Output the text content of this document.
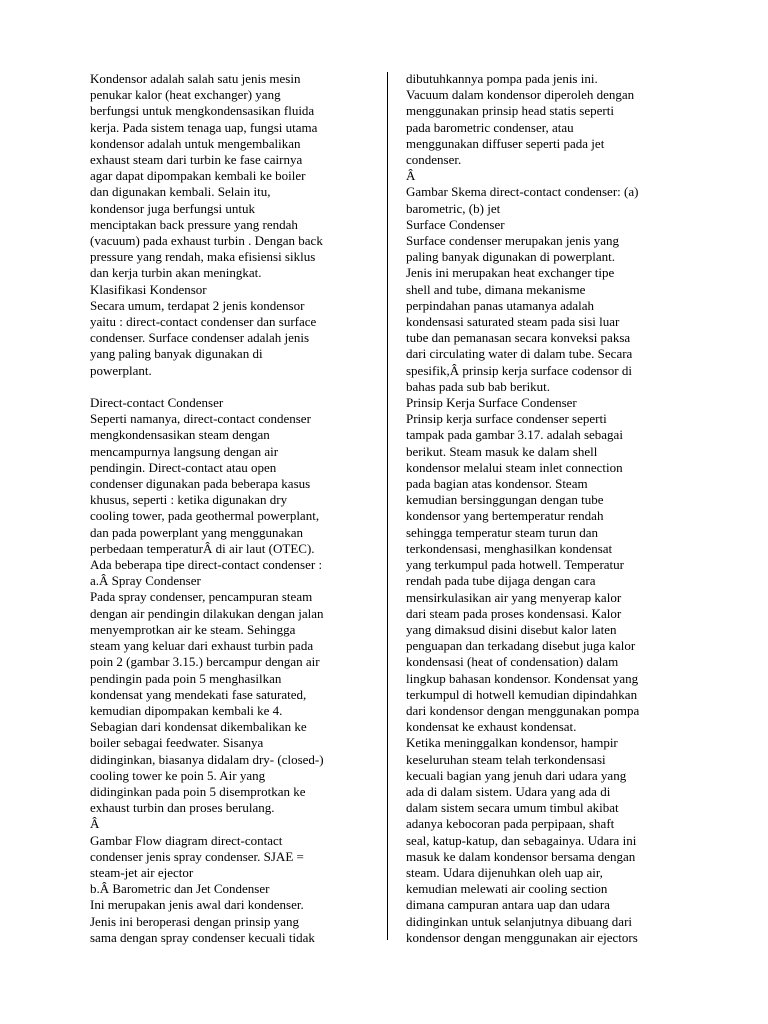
Kondensor adalah salah satu jenis mesin
penukar kalor (heat exchanger) yang
berfungsi untuk mengkondensasikan fluida
kerja. Pada sistem tenaga uap, fungsi utama
kondensor adalah untuk mengembalikan
exhaust steam dari turbin ke fase cairnya
agar dapat dipompakan kembali ke boiler
dan digunakan kembali. Selain itu,
kondensor juga berfungsi untuk
menciptakan back pressure yang rendah
(vacuum) pada exhaust turbin . Dengan back
pressure yang rendah, maka efisiensi siklus
dan kerja turbin akan meningkat.
Klasifikasi Kondensor
Secara umum, terdapat 2 jenis kondensor
yaitu : direct-contact condenser dan surface
condenser. Surface condenser adalah jenis
yang paling banyak digunakan di
powerplant.
Direct-contact Condenser
Seperti namanya, direct-contact condenser
mengkondensasikan steam dengan
mencampurnya langsung dengan air
pendingin. Direct-contact atau open
condenser digunakan pada beberapa kasus
khusus, seperti : ketika digunakan dry
cooling tower, pada geothermal powerplant,
dan pada powerplant yang menggunakan
perbedaan temperaturÂ di air laut (OTEC).
Ada beberapa tipe direct-contact condenser :
a.Â Spray Condenser
Pada spray condenser, pencampuran steam
dengan air pendingin dilakukan dengan jalan
menyemprotkan air ke steam. Sehingga
steam yang keluar dari exhaust turbin pada
poin 2 (gambar 3.15.) bercampur dengan air
pendingin pada poin 5 menghasilkan
kondensat yang mendekati fase saturated,
kemudian dipompakan kembali ke 4.
Sebagian dari kondensat dikembalikan ke
boiler sebagai feedwater. Sisanya
didinginkan, biasanya didalam dry- (closed-)
cooling tower ke poin 5. Air yang
didinginkan pada poin 5 disemprotkan ke
exhaust turbin dan proses berulang.
Â
Gambar Flow diagram direct-contact
condenser jenis spray condenser. SJAE =
steam-jet air ejector
b.Â Barometric dan Jet Condenser
Ini merupakan jenis awal dari kondenser.
Jenis ini beroperasi dengan prinsip yang
sama dengan spray condenser kecuali tidak
dibutuhkannya pompa pada jenis ini.
Vacuum dalam kondensor diperoleh dengan
menggunakan prinsip head statis seperti
pada barometric condenser, atau
menggunakan diffuser seperti pada jet
condenser.
Â
Gambar Skema direct-contact condenser: (a)
barometric, (b) jet
Surface Condenser
Surface condenser merupakan jenis yang
paling banyak digunakan di powerplant.
Jenis ini merupakan heat exchanger tipe
shell and tube, dimana mekanisme
perpindahan panas utamanya adalah
kondensasi saturated steam pada sisi luar
tube dan pemanasan secara konveksi paksa
dari circulating water di dalam tube. Secara
spesifik,Â prinsip kerja surface codensor di
bahas pada sub bab berikut.
Prinsip Kerja Surface Condenser
Prinsip kerja surface condenser seperti
tampak pada gambar 3.17. adalah sebagai
berikut. Steam masuk ke dalam shell
kondensor melalui steam inlet connection
pada bagian atas kondensor. Steam
kemudian bersinggungan dengan tube
kondensor yang bertemperatur rendah
sehingga temperatur steam turun dan
terkondensasi, menghasilkan kondensat
yang terkumpul pada hotwell. Temperatur
rendah pada tube dijaga dengan cara
mensirkulasikan air yang menyerap kalor
dari steam pada proses kondensasi. Kalor
yang dimaksud disini disebut kalor laten
penguapan dan terkadang disebut juga kalor
kondensasi (heat of condensation) dalam
lingkup bahasan kondensor. Kondensat yang
terkumpul di hotwell kemudian dipindahkan
dari kondensor dengan menggunakan pompa
kondensat ke exhaust kondensat.
Ketika meninggalkan kondensor, hampir
keseluruhan steam telah terkondensasi
kecuali bagian yang jenuh dari udara yang
ada di dalam sistem. Udara yang ada di
dalam sistem secara umum timbul akibat
adanya kebocoran pada perpipaan, shaft
seal, katup-katup, dan sebagainya. Udara ini
masuk ke dalam kondensor bersama dengan
steam. Udara dijenuhkan oleh uap air,
kemudian melewati air cooling section
dimana campuran antara uap dan udara
didinginkan untuk selanjutnya dibuang dari
kondensor dengan menggunakan air ejectors
